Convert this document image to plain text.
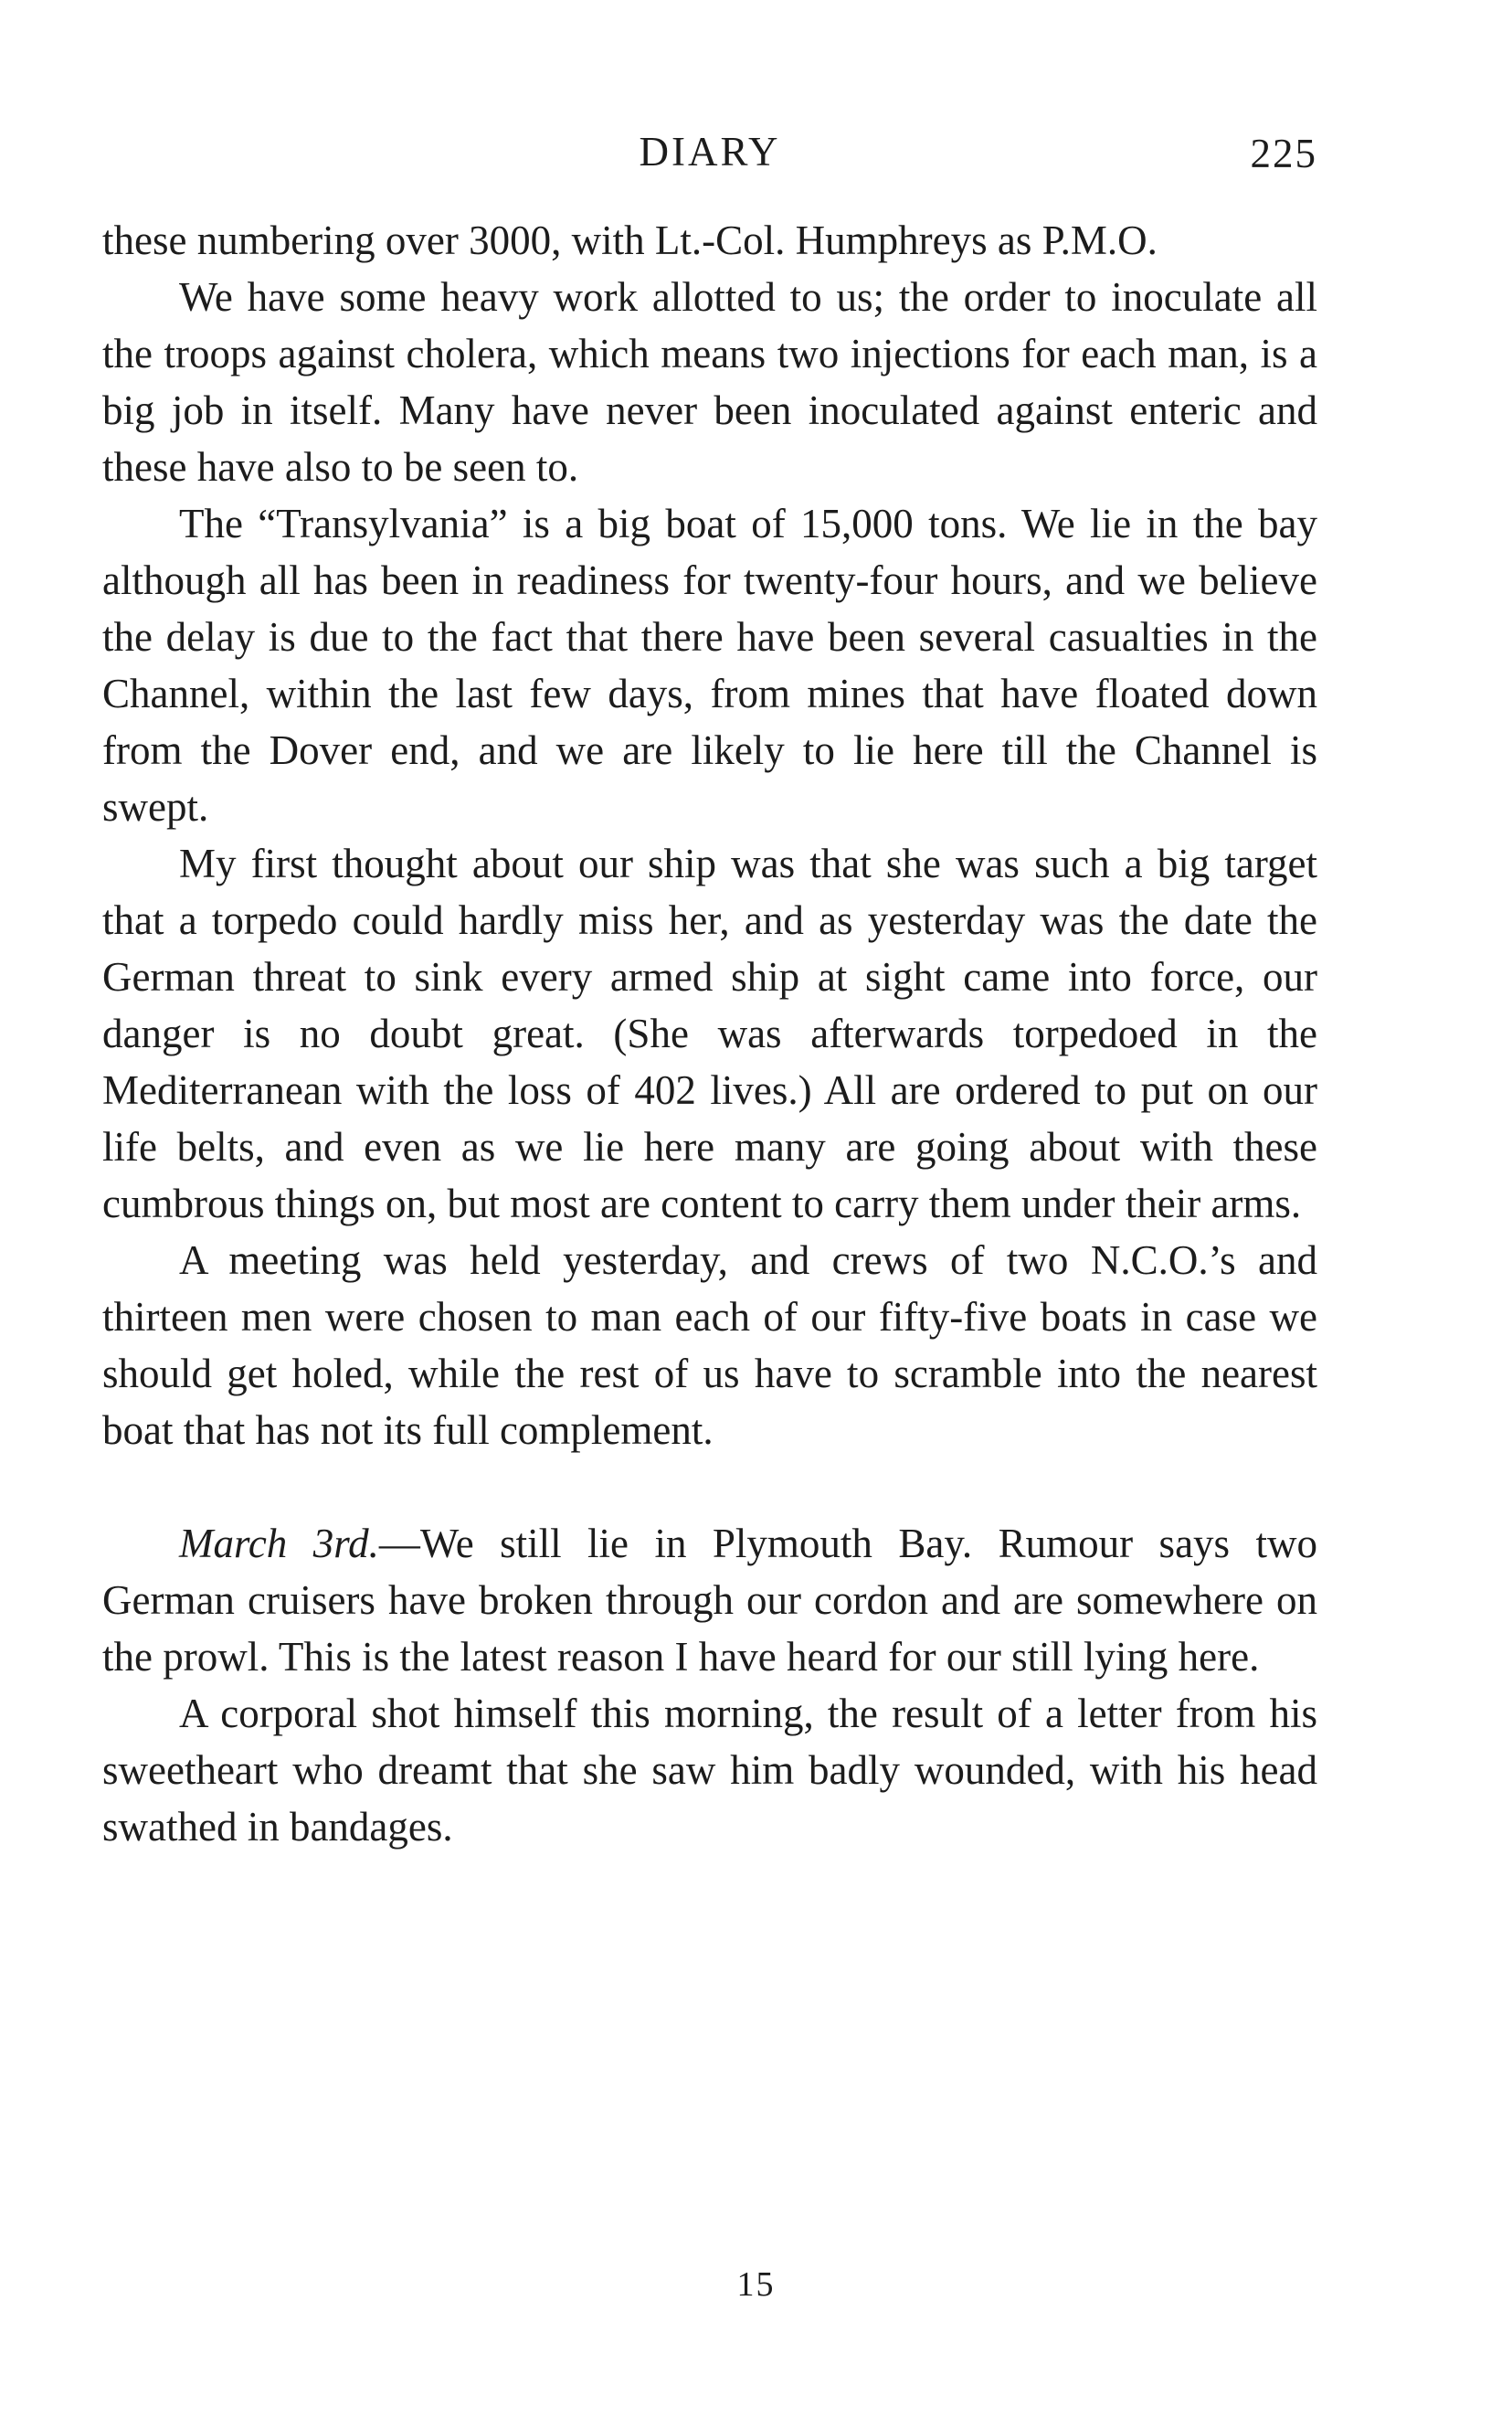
DIARY	225

these numbering over 3000, with Lt.-Col. Humphreys as P.M.O.

We have some heavy work allotted to us; the order to inoculate all the troops against cholera, which means two injections for each man, is a big job in itself. Many have never been inoculated against enteric and these have also to be seen to.

The “Transylvania” is a big boat of 15,000 tons. We lie in the bay although all has been in readiness for twenty-four hours, and we believe the delay is due to the fact that there have been several casualties in the Channel, within the last few days, from mines that have floated down from the Dover end, and we are likely to lie here till the Channel is swept.

My first thought about our ship was that she was such a big target that a torpedo could hardly miss her, and as yesterday was the date the German threat to sink every armed ship at sight came into force, our danger is no doubt great. (She was afterwards torpedoed in the Mediterranean with the loss of 402 lives.) All are ordered to put on our life belts, and even as we lie here many are going about with these cumbrous things on, but most are content to carry them under their arms.

A meeting was held yesterday, and crews of two N.C.O.’s and thirteen men were chosen to man each of our fifty-five boats in case we should get holed, while the rest of us have to scramble into the nearest boat that has not its full complement.

March 3rd.—We still lie in Plymouth Bay. Rumour says two German cruisers have broken through our cordon and are somewhere on the prowl. This is the latest reason I have heard for our still lying here.

A corporal shot himself this morning, the result of a letter from his sweetheart who dreamt that she saw him badly wounded, with his head swathed in bandages.

15
